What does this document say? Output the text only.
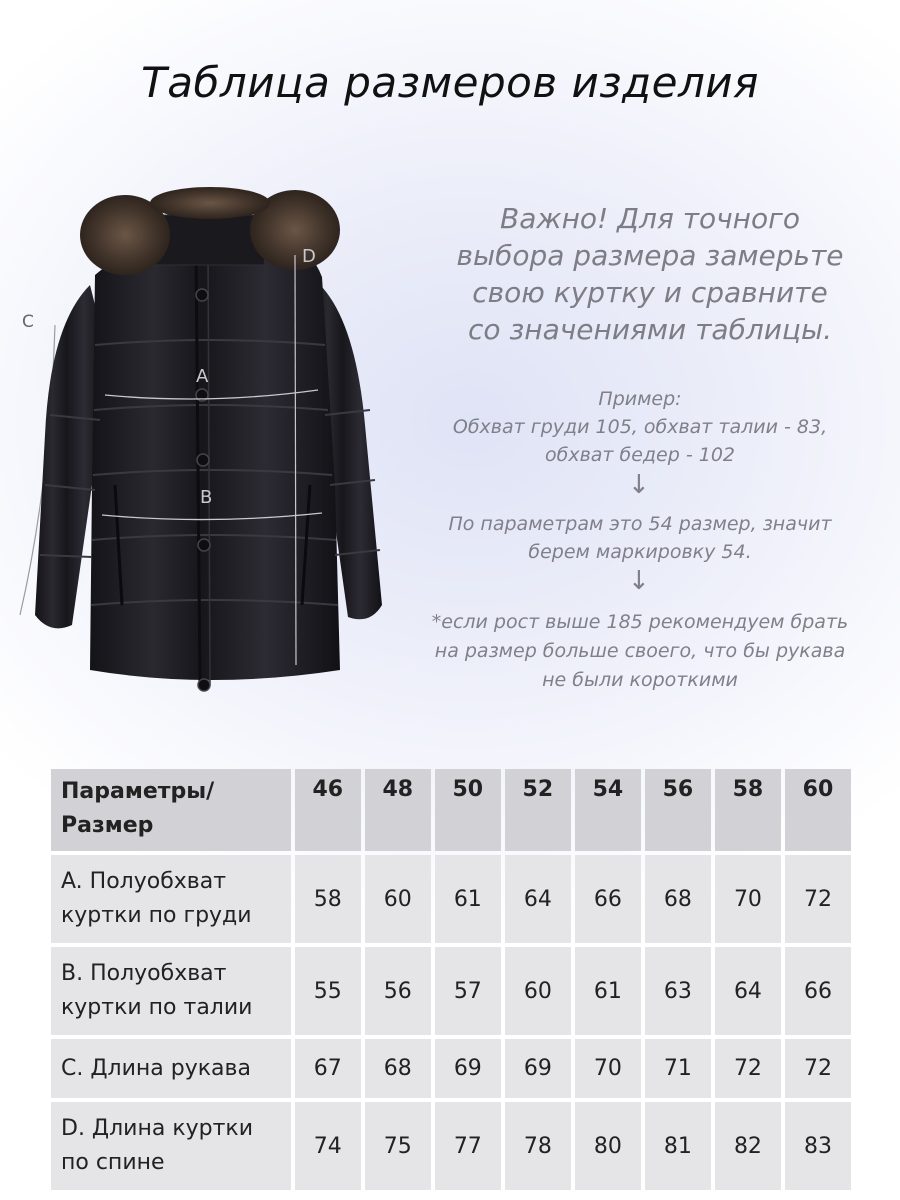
Таблица размеров изделия
C
A
B
D
Важно! Для точного
выбора размера замерьте
свою куртку и сравните
со значениями таблицы.
Пример:
Обхват груди 105, обхват талии - 83,
обхват бедер - 102
↓
По параметрам это 54 размер, значит
берем маркировку 54.
↓
*если рост выше 185 рекомендуем брать
на размер больше своего, что бы рукава
не были короткими
Параметры/
Размер	46	48	50	52	54	56	58	60

A. Полуобхват
куртки по груди	58	60	61	64	66	68	70	72

B. Полуобхват
куртки по талии	55	56	57	60	61	63	64	66

C. Длина рукава	67	68	69	69	70	71	72	72

D. Длина куртки
по спине	74	75	77	78	80	81	82	83
